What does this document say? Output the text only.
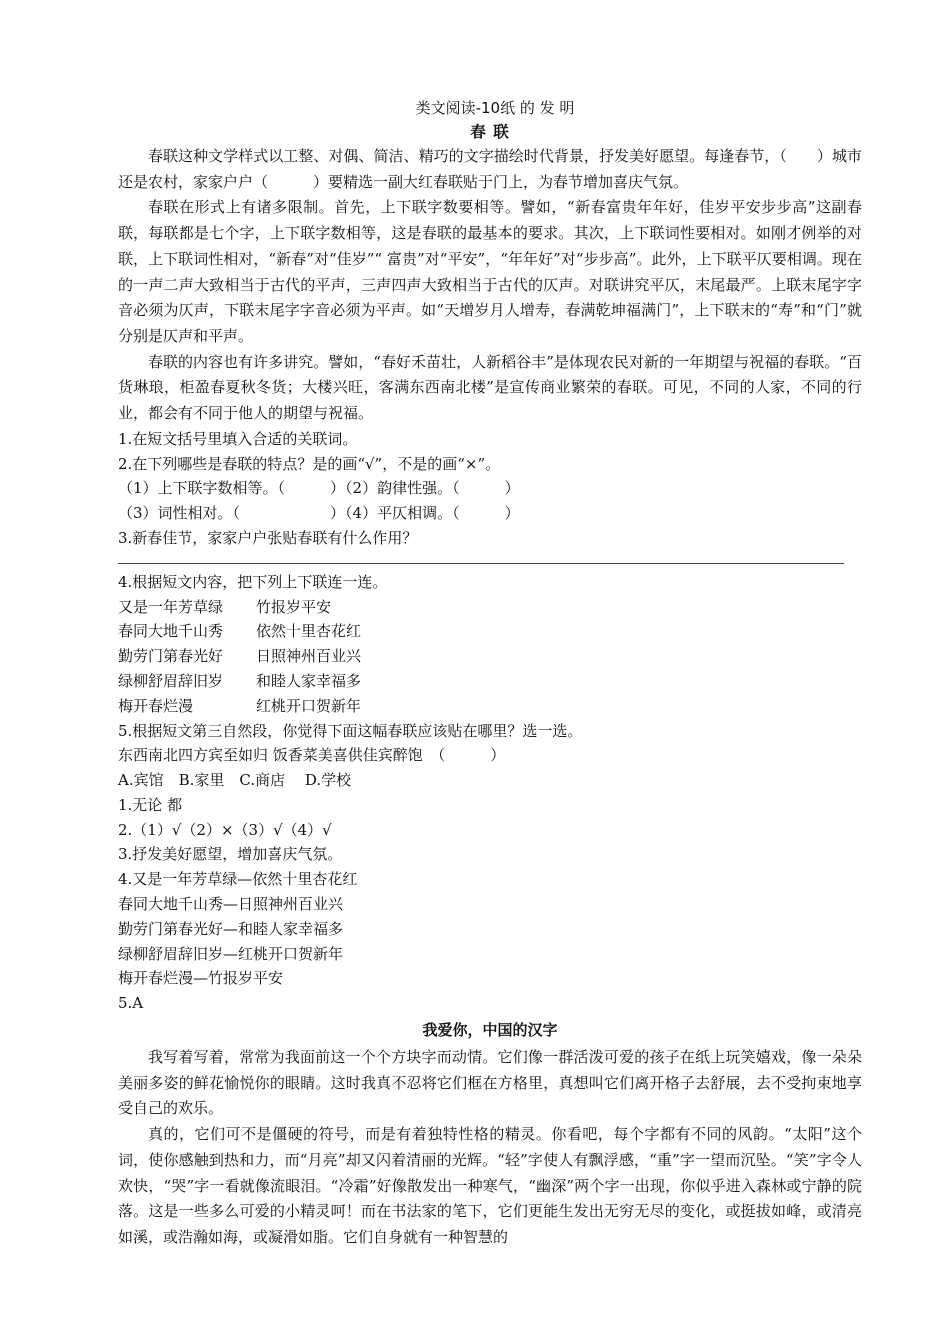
类文阅读-10纸 的 发 明
春 联

春联这种文学样式以工整、对偶、简洁、精巧的文字描绘时代背景，抒发美好愿望。每逢春节，（　　）城市还是农村，家家户户（　　　）要精选一副大红春联贴于门上，为春节增加喜庆气氛。

春联在形式上有诸多限制。首先，上下联字数要相等。譬如，“新春富贵年年好，佳岁平安步步高”这副春联，每联都是七个字，上下联字数相等，这是春联的最基本的要求。其次，上下联词性要相对。如刚才例举的对联，上下联词性相对，“新春”对“佳岁”“ 富贵”对“平安”，“年年好”对“步步高”。此外，上下联平仄要相调。现在的一声二声大致相当于古代的平声，三声四声大致相当于古代的仄声。对联讲究平仄，末尾最严。上联末尾字字音必须为仄声，下联末尾字字音必须为平声。如“天增岁月人增寿，春满乾坤福满门”，上下联末的“寿”和“门”就分别是仄声和平声。

春联的内容也有许多讲究。譬如，“春好禾苗壮，人新稻谷丰”是体现农民对新的一年期望与祝福的春联。“百货琳琅，柜盈春夏秋冬货；大楼兴旺，客满东西南北楼”是宣传商业繁荣的春联。可见，不同的人家，不同的行业，都会有不同于他人的期望与祝福。

1.在短文括号里填入合适的关联词。

2.在下列哪些是春联的特点？是的画“√”，不是的画“×”。

（1）上下联字数相等。（　　　）（2）韵律性强。（　　　）

（3）词性相对。（　　　　　　）（4）平仄相调。（　　　）

3.新春佳节，家家户户张贴春联有什么作用？

4.根据短文内容，把下列上下联连一连。

又是一年芳草绿	竹报岁平安
春同大地千山秀	依然十里杏花红
勤劳门第春光好	日照神州百业兴
绿柳舒眉辞旧岁	和睦人家幸福多
梅开春烂漫	红桃开口贺新年

5.根据短文第三自然段，你觉得下面这幅春联应该贴在哪里？选一选。

东西南北四方宾至如归 饭香菜美喜供佳宾醉饱　（　　　）

A.宾馆　B.家里　C.商店　 D.学校

1.无论 都

2.（1）√（2）×（3）√（4）√

3.抒发美好愿望，增加喜庆气氛。

4.又是一年芳草绿—依然十里杏花红

春同大地千山秀—日照神州百业兴

勤劳门第春光好—和睦人家幸福多

绿柳舒眉辞旧岁—红桃开口贺新年

梅开春烂漫—竹报岁平安

5.A

我爱你，中国的汉字

我写着写着，常常为我面前这一个个方块字而动情。它们像一群活泼可爱的孩子在纸上玩笑嬉戏，像一朵朵美丽多姿的鲜花愉悦你的眼睛。这时我真不忍将它们框在方格里，真想叫它们离开格子去舒展，去不受拘束地享受自己的欢乐。

真的，它们可不是僵硬的符号，而是有着独特性格的精灵。你看吧，每个字都有不同的风韵。“太阳”这个词，使你感触到热和力，而“月亮”却又闪着清丽的光辉。“轻”字使人有飘浮感，“重”字一望而沉坠。“笑”字令人欢快，“哭”字一看就像流眼泪。“冷霜”好像散发出一种寒气，“幽深”两个字一出现，你似乎进入森林或宁静的院落。这是一些多么可爱的小精灵呵！而在书法家的笔下，它们更能生发出无穷无尽的变化，或挺拔如峰，或清亮如溪，或浩瀚如海，或凝滑如脂。它们自身就有一种智慧的
